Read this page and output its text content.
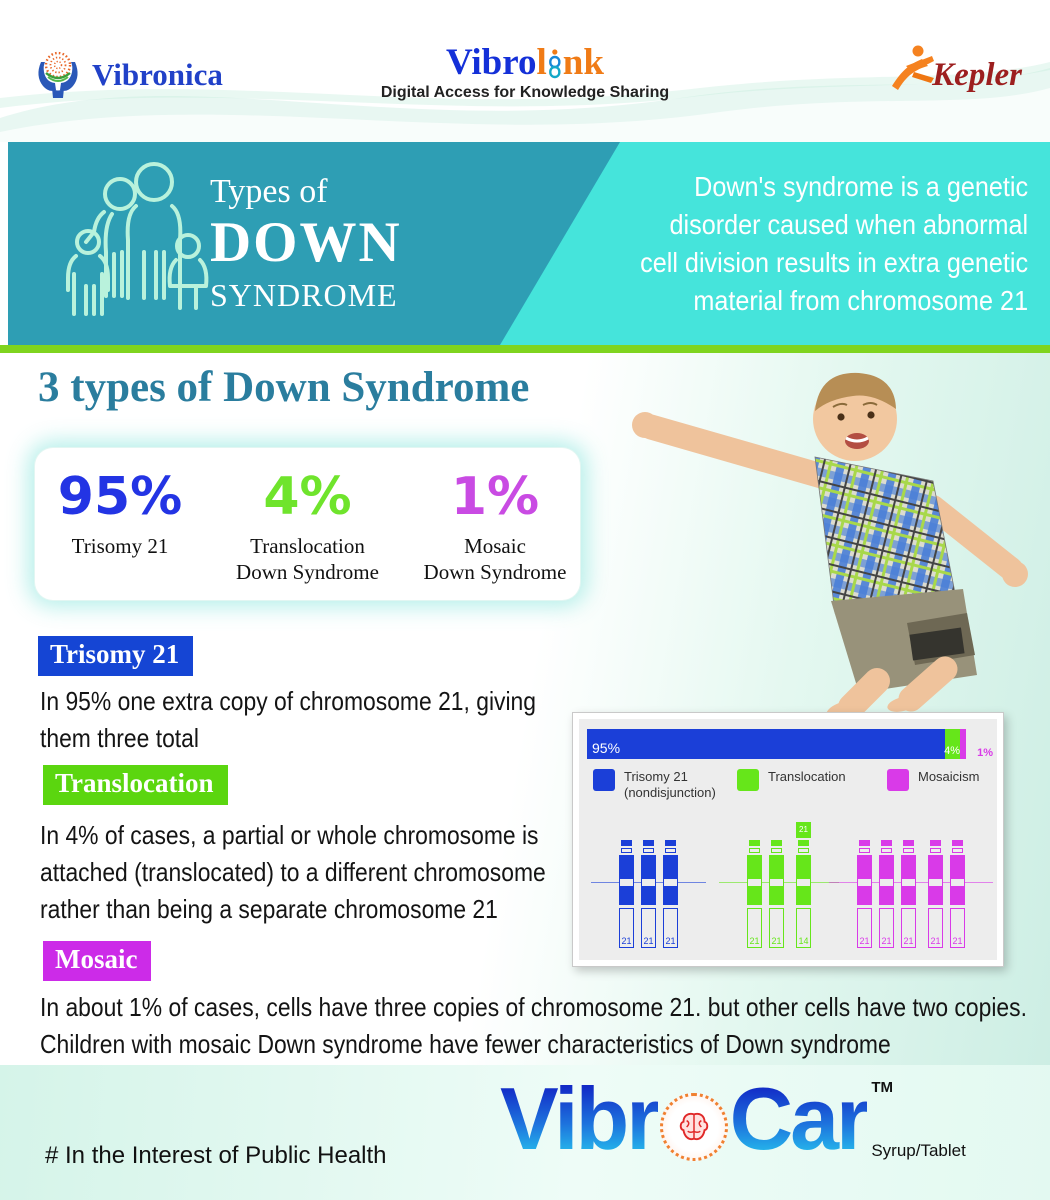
Vibronica	Vibro l nk
Digital Access for Knowledge Sharing	Kepler
Types of
DOWN
SYNDROME
Down's syndrome is a genetic
disorder caused when abnormal
cell division results in extra genetic
material from chromosome 21
3 types of Down Syndrome
95%
Trisomy 21
4%
Translocation
Down Syndrome
1%
Mosaic
Down Syndrome
Trisomy 21
In 95% one extra copy of chromosome 21, giving
them three total
Translocation
In 4% of cases, a partial or whole chromosome is
attached (translocated) to a different chromosome
rather than being a separate chromosome 21
Mosaic
In about 1% of cases, cells have three copies of chromosome 21. but other cells have two copies.
Children with mosaic Down syndrome have fewer characteristics of Down syndrome
95%	4% 1%
Trisomy 21
(nondisjunction)
Translocation	Mosaicism
21 21 21	21 21
21
14	21 21 21 21 21
# In the Interest of Public Health Vibr Car TM
Syrup/Tablet
